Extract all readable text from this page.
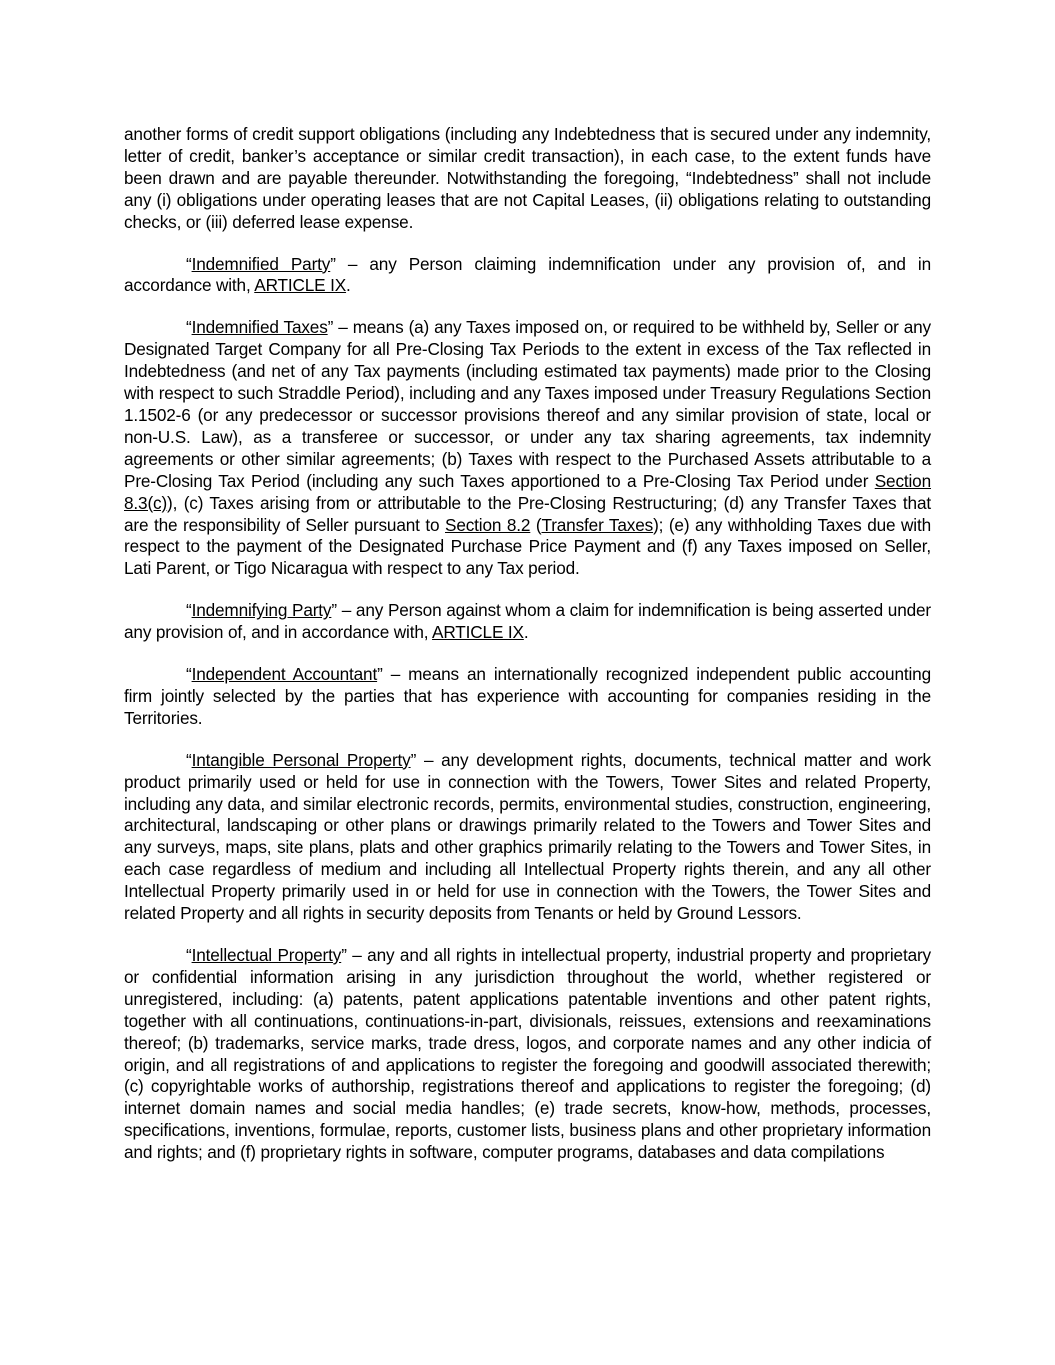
another forms of credit support obligations (including any Indebtedness that is secured under any indemnity, letter of credit, banker’s acceptance or similar credit transaction), in each case, to the extent funds have been drawn and are payable thereunder. Notwithstanding the foregoing, “Indebtedness” shall not include any (i) obligations under operating leases that are not Capital Leases, (ii) obligations relating to outstanding checks, or (iii) deferred lease expense.

“Indemnified Party” – any Person claiming indemnification under any provision of, and in accordance with, ARTICLE IX.

“Indemnified Taxes” – means (a) any Taxes imposed on, or required to be withheld by, Seller or any Designated Target Company for all Pre-Closing Tax Periods to the extent in excess of the Tax reflected in Indebtedness (and net of any Tax payments (including estimated tax payments) made prior to the Closing with respect to such Straddle Period), including and any Taxes imposed under Treasury Regulations Section 1.1502-6 (or any predecessor or successor provisions thereof and any similar provision of state, local or non-U.S. Law), as a transferee or successor, or under any tax sharing agreements, tax indemnity agreements or other similar agreements; (b) Taxes with respect to the Purchased Assets attributable to a Pre-Closing Tax Period (including any such Taxes apportioned to a Pre-Closing Tax Period under Section 8.3(c)), (c) Taxes arising from or attributable to the Pre-Closing Restructuring; (d) any Transfer Taxes that are the responsibility of Seller pursuant to Section 8.2 (Transfer Taxes); (e) any withholding Taxes due with respect to the payment of the Designated Purchase Price Payment and (f) any Taxes imposed on Seller, Lati Parent, or Tigo Nicaragua with respect to any Tax period.

“Indemnifying Party” – any Person against whom a claim for indemnification is being asserted under any provision of, and in accordance with, ARTICLE IX.

“Independent Accountant” – means an internationally recognized independent public accounting firm jointly selected by the parties that has experience with accounting for companies residing in the Territories.

“Intangible Personal Property” – any development rights, documents, technical matter and work product primarily used or held for use in connection with the Towers, Tower Sites and related Property, including any data, and similar electronic records, permits, environmental studies, construction, engineering, architectural, landscaping or other plans or drawings primarily related to the Towers and Tower Sites and any surveys, maps, site plans, plats and other graphics primarily relating to the Towers and Tower Sites, in each case regardless of medium and including all Intellectual Property rights therein, and any all other Intellectual Property primarily used in or held for use in connection with the Towers, the Tower Sites and related Property and all rights in security deposits from Tenants or held by Ground Lessors.

“Intellectual Property” – any and all rights in intellectual property, industrial property and proprietary or confidential information arising in any jurisdiction throughout the world, whether registered or unregistered, including: (a) patents, patent applications patentable inventions and other patent rights, together with all continuations, continuations-in-part, divisionals, reissues, extensions and reexaminations thereof; (b) trademarks, service marks, trade dress, logos, and corporate names and any other indicia of origin, and all registrations of and applications to register the foregoing and goodwill associated therewith; (c) copyrightable works of authorship, registrations thereof and applications to register the foregoing; (d) internet domain names and social media handles; (e) trade secrets, know-how, methods, processes, specifications, inventions, formulae, reports, customer lists, business plans and other proprietary information and rights; and (f) proprietary rights in software, computer programs, databases and data compilations
